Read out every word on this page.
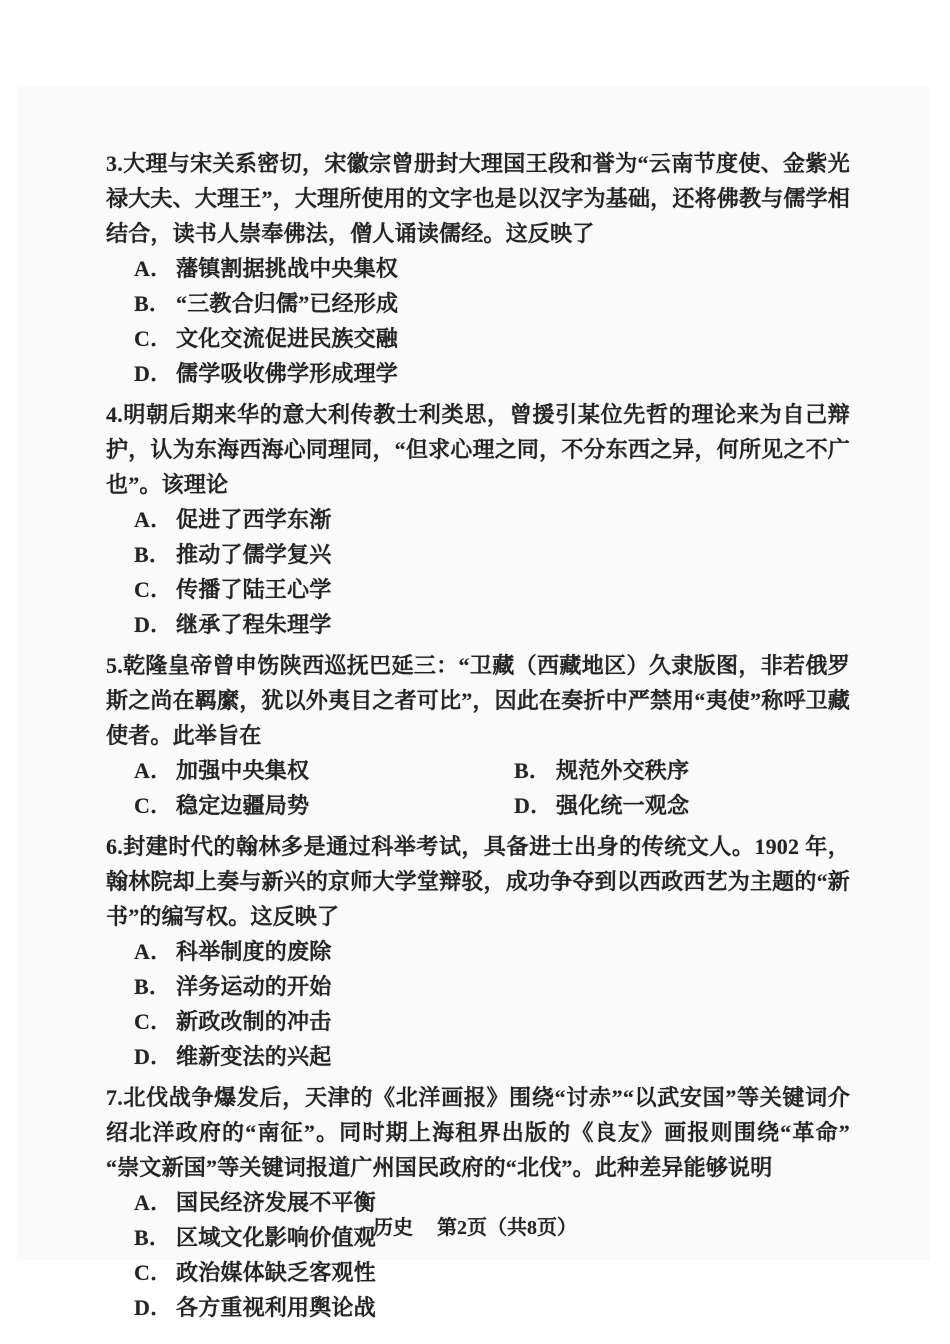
3.大理与宋关系密切，宋徽宗曾册封大理国王段和誉为“云南节度使、金紫光禄大夫、大理王”，大理所使用的文字也是以汉字为基础，还将佛教与儒学相结合，读书人崇奉佛法，僧人诵读儒经。这反映了

A． 藩镇割据挑战中央集权
B． “三教合归儒”已经形成
C． 文化交流促进民族交融
D． 儒学吸收佛学形成理学

4.明朝后期来华的意大利传教士利类思，曾援引某位先哲的理论来为自己辩护，认为东海西海心同理同，“但求心理之同，不分东西之异，何所见之不广也”。该理论

A． 促进了西学东渐
B． 推动了儒学复兴
C． 传播了陆王心学
D． 继承了程朱理学

5.乾隆皇帝曾申饬陕西巡抚巴延三：“卫藏（西藏地区）久隶版图，非若俄罗斯之尚在羁縻，犹以外夷目之者可比”，因此在奏折中严禁用“夷使”称呼卫藏使者。此举旨在

A． 加强中央集权	B． 规范外交秩序
C． 稳定边疆局势	D． 强化统一观念

6.封建时代的翰林多是通过科举考试，具备进士出身的传统文人。1902 年，翰林院却上奏与新兴的京师大学堂辩驳，成功争夺到以西政西艺为主题的“新书”的编写权。这反映了

A． 科举制度的废除
B． 洋务运动的开始
C． 新政改制的冲击
D． 维新变法的兴起

7.北伐战争爆发后，天津的《北洋画报》围绕“讨赤”“以武安国”等关键词介绍北洋政府的“南征”。同时期上海租界出版的《良友》画报则围绕“革命”“崇文新国”等关键词报道广州国民政府的“北伐”。此种差异能够说明

A． 国民经济发展不平衡
B． 区域文化影响价值观
C． 政治媒体缺乏客观性
D． 各方重视利用舆论战
历史 第2页（共8页）
